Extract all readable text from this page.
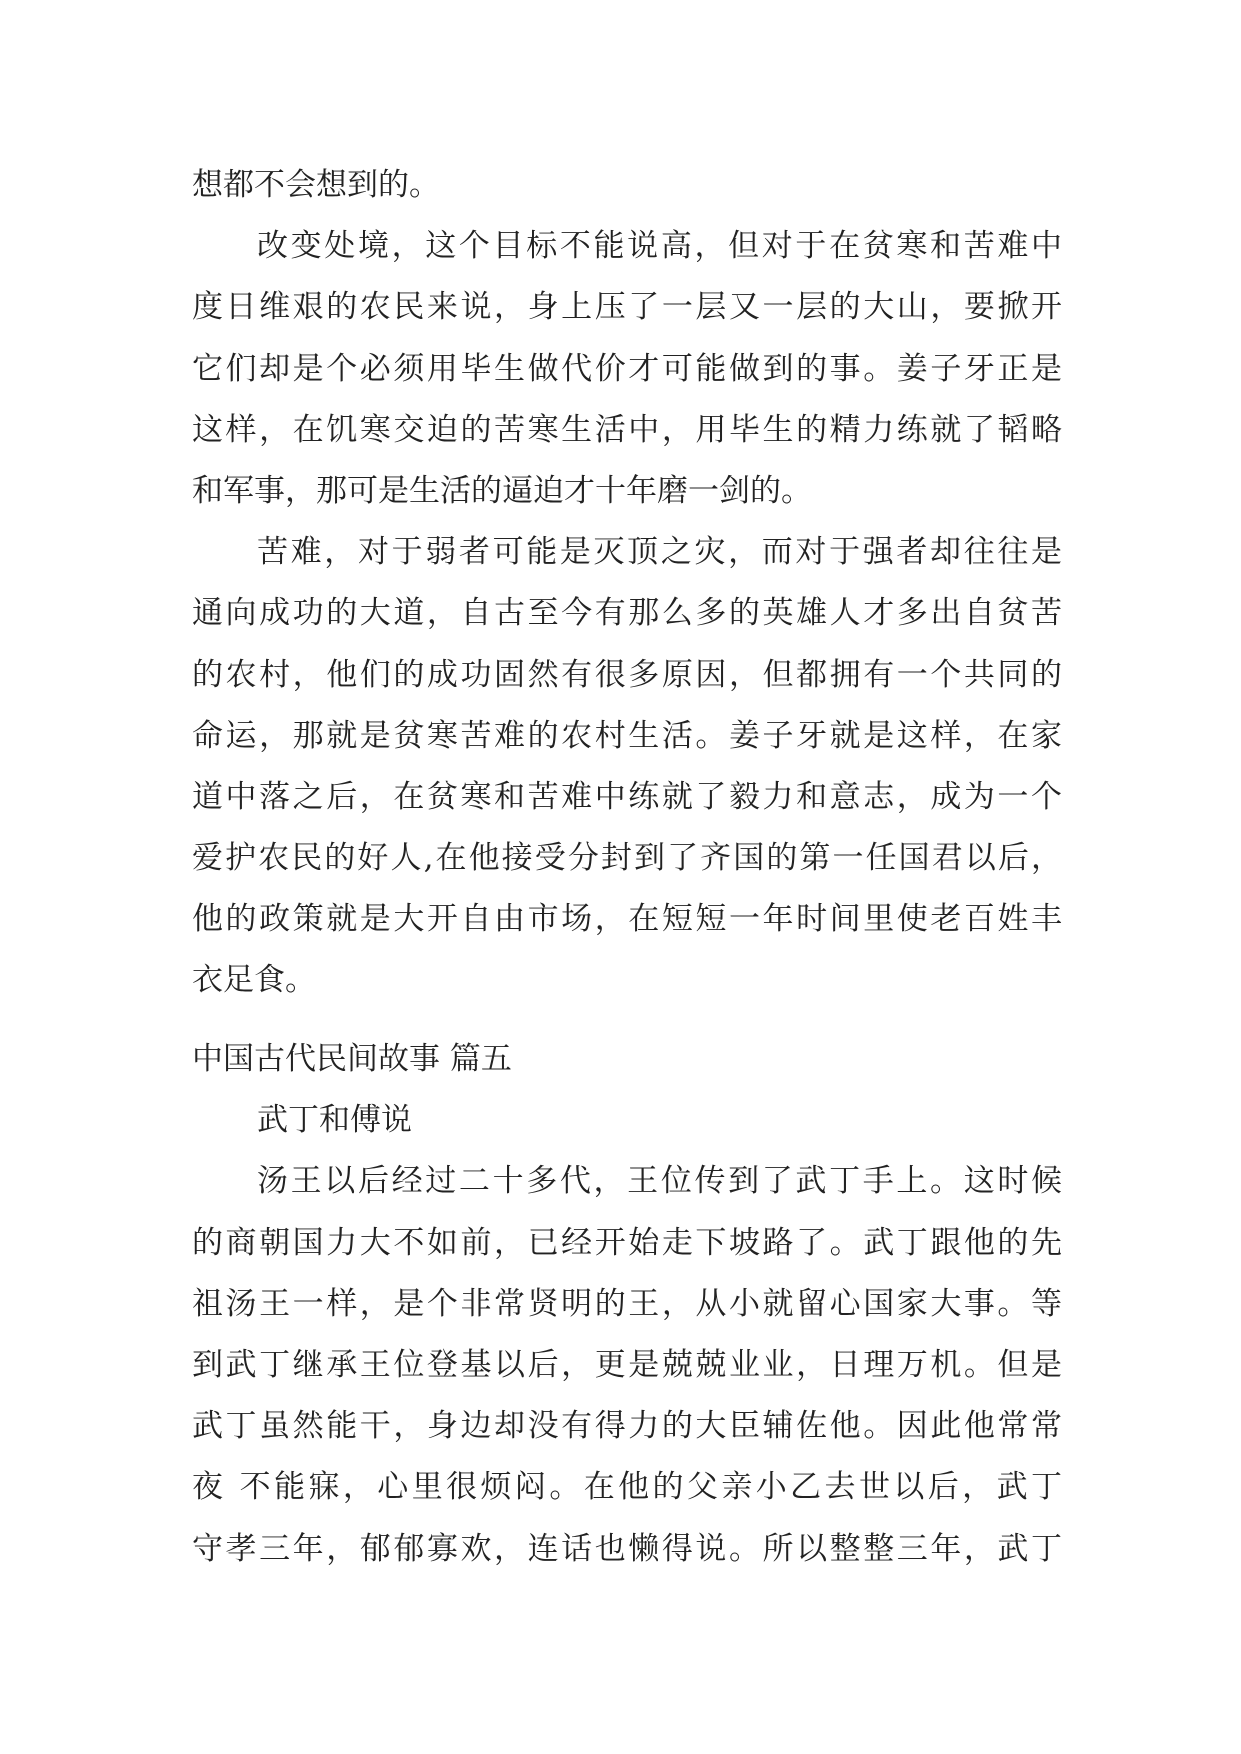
想都不会想到的。
改变处境，这个目标不能说高，但对于在贫寒和苦难中
度日维艰的农民来说，身上压了一层又一层的大山，要掀开
它们却是个必须用毕生做代价才可能做到的事。姜子牙正是
这样，在饥寒交迫的苦寒生活中，用毕生的精力练就了韬略
和军事，那可是生活的逼迫才十年磨一剑的。
苦难，对于弱者可能是灭顶之灾，而对于强者却往往是
通向成功的大道，自古至今有那么多的英雄人才多出自贫苦
的农村，他们的成功固然有很多原因，但都拥有一个共同的
命运，那就是贫寒苦难的农村生活。姜子牙就是这样，在家
道中落之后，在贫寒和苦难中练就了毅力和意志，成为一个
爱护农民的好人,在他接受分封到了齐国的第一任国君以后，
他的政策就是大开自由市场，在短短一年时间里使老百姓丰
衣足食。
中国古代民间故事 篇五
武丁和傅说
汤王以后经过二十多代，王位传到了武丁手上。这时候
的商朝国力大不如前，已经开始走下坡路了。武丁跟他的先
祖汤王一样，是个非常贤明的王，从小就留心国家大事。等
到武丁继承王位登基以后，更是兢兢业业，日理万机。但是
武丁虽然能干，身边却没有得力的大臣辅佐他。因此他常常
夜 不能寐，心里很烦闷。在他的父亲小乙去世以后，武丁
守孝三年，郁郁寡欢，连话也懒得说。所以整整三年，武丁
